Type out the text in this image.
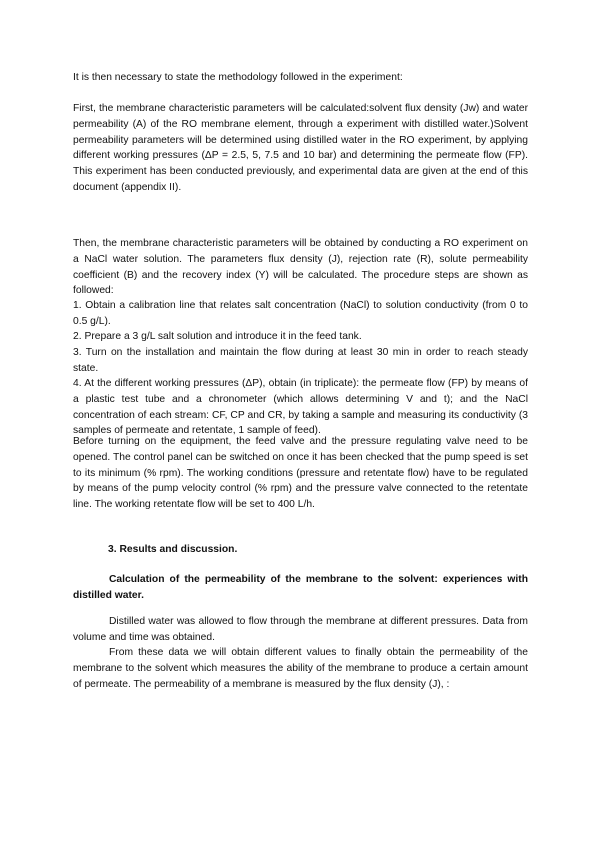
It is then necessary to state the methodology followed in the experiment:

First, the membrane characteristic parameters will be calculated:solvent flux density (Jw) and water permeability (A) of the RO membrane element, through a experiment with distilled water.)Solvent permeability parameters will be determined using distilled water in the RO experiment, by applying different working pressures (ΔP = 2.5, 5, 7.5 and 10 bar) and determining the permeate flow (FP). This experiment has been conducted previously, and experimental data are given at the end of this document (appendix II).

Then, the membrane characteristic parameters will be obtained by conducting a RO experiment on a NaCl water solution. The parameters flux density (J), rejection rate (R), solute permeability coefficient (B) and the recovery index (Y) will be calculated. The procedure steps are shown as followed:

1. Obtain a calibration line that relates salt concentration (NaCl) to solution conductivity (from 0 to 0.5 g/L).

2. Prepare a 3 g/L salt solution and introduce it in the feed tank.

3. Turn on the installation and maintain the flow during at least 30 min in order to reach steady state.

4. At the different working pressures (ΔP), obtain (in triplicate): the permeate flow (FP) by means of a plastic test tube and a chronometer (which allows determining V and t); and the NaCl concentration of each stream: CF, CP and CR, by taking a sample and measuring its conductivity (3 samples of permeate and retentate, 1 sample of feed).

Before turning on the equipment, the feed valve and the pressure regulating valve need to be opened. The control panel can be switched on once it has been checked that the pump speed is set to its minimum (% rpm). The working conditions (pressure and retentate flow) have to be regulated by means of the pump velocity control (% rpm) and the pressure valve connected to the retentate line. The working retentate flow will be set to 400 L/h.

3. Results and discussion.

Calculation of the permeability of the membrane to the solvent: experiences with distilled water.

Distilled water was allowed to flow through the membrane at different pressures. Data from volume and time was obtained.

From these data we will obtain different values to finally obtain the permeability of the membrane to the solvent which measures the ability of the membrane to produce a certain amount of permeate. The permeability of a membrane is measured by the flux density (J), :
